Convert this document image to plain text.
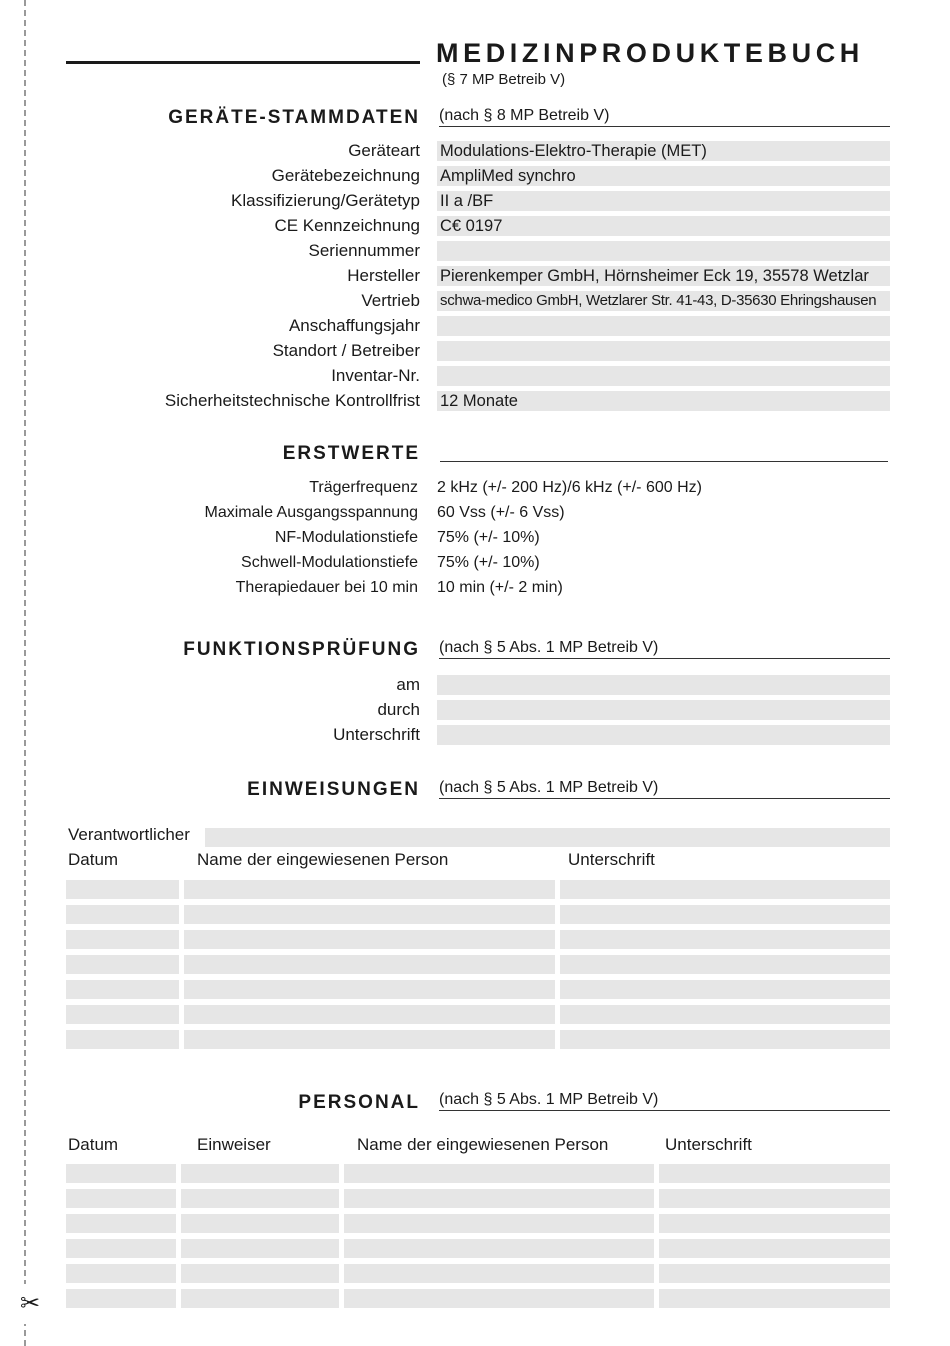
✂
MEDIZINPRODUKTEBUCH
(§ 7 MP Betreib V)
GERÄTE-STAMMDATEN (nach § 8 MP Betreib V)
Geräteart Modulations-Elektro-Therapie (MET)
Gerätebezeichnung AmpliMed synchro
Klassifizierung/Gerätetyp II a /BF
CE Kennzeichnung C€ 0197
Seriennummer
Hersteller Pierenkemper GmbH, Hörnsheimer Eck 19, 35578 Wetzlar
Vertrieb schwa-medico GmbH, Wetzlarer Str. 41-43, D-35630 Ehringshausen
Anschaffungsjahr
Standort / Betreiber
Inventar-Nr.
Sicherheitstechnische Kontrollfrist 12 Monate
ERSTWERTE
Trägerfrequenz 2 kHz (+/- 200 Hz)/6 kHz (+/- 600 Hz)
Maximale Ausgangsspannung 60 Vss (+/- 6 Vss)
NF-Modulationstiefe 75% (+/- 10%)
Schwell-Modulationstiefe 75% (+/- 10%)
Therapiedauer bei 10 min 10 min (+/- 2 min)
FUNKTIONSPRÜFUNG (nach § 5 Abs. 1 MP Betreib V)
am
durch
Unterschrift
EINWEISUNGEN (nach § 5 Abs. 1 MP Betreib V)
Verantwortlicher
Datum	Name der eingewiesenen Person	Unterschrift
PERSONAL (nach § 5 Abs. 1 MP Betreib V)
Datum	Einweiser	Name der eingewiesenen Person	Unterschrift
